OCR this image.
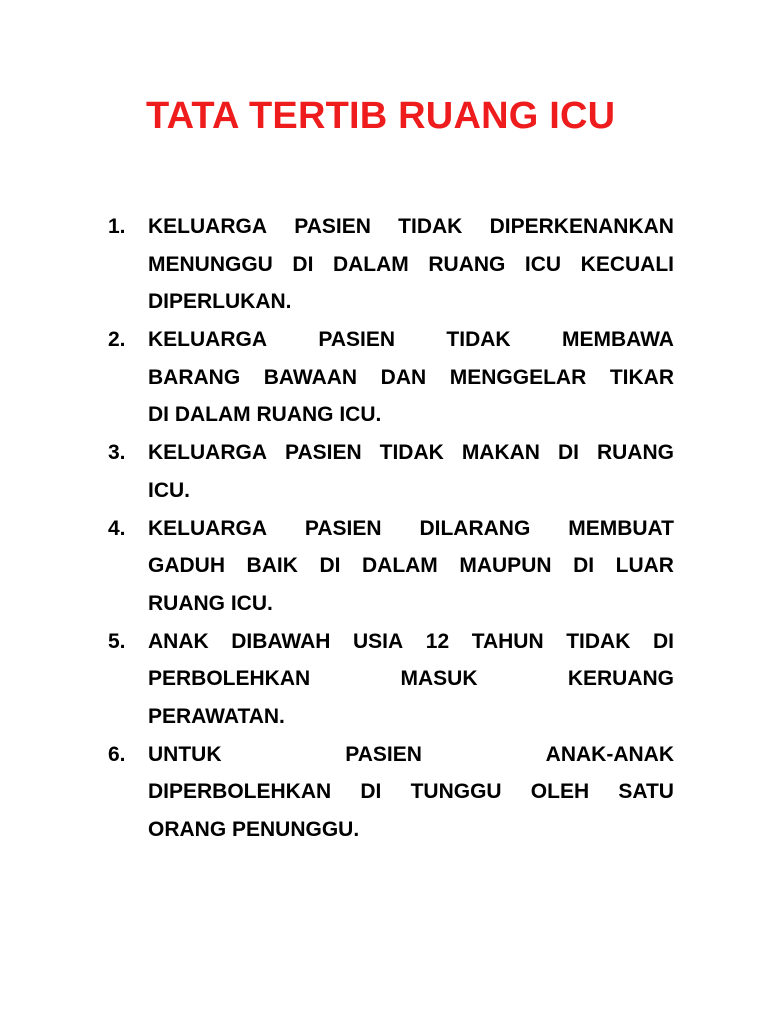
TATA TERTIB RUANG ICU
1.	KELUARGA PASIEN TIDAK DIPERKENANKAN
MENUNGGU DI DALAM RUANG ICU KECUALI
DIPERLUKAN.
2.	KELUARGA PASIEN TIDAK MEMBAWA
BARANG BAWAAN DAN MENGGELAR TIKAR
DI DALAM RUANG ICU.
3.	KELUARGA PASIEN TIDAK MAKAN DI RUANG
ICU.
4.	KELUARGA PASIEN DILARANG MEMBUAT
GADUH BAIK DI DALAM MAUPUN DI LUAR
RUANG ICU.
5.	ANAK DIBAWAH USIA 12 TAHUN TIDAK DI
PERBOLEHKAN	MASUK	KERUANG
PERAWATAN.
6.	UNTUK	PASIEN	ANAK-ANAK
DIPERBOLEHKAN DI TUNGGU OLEH SATU
ORANG PENUNGGU.
